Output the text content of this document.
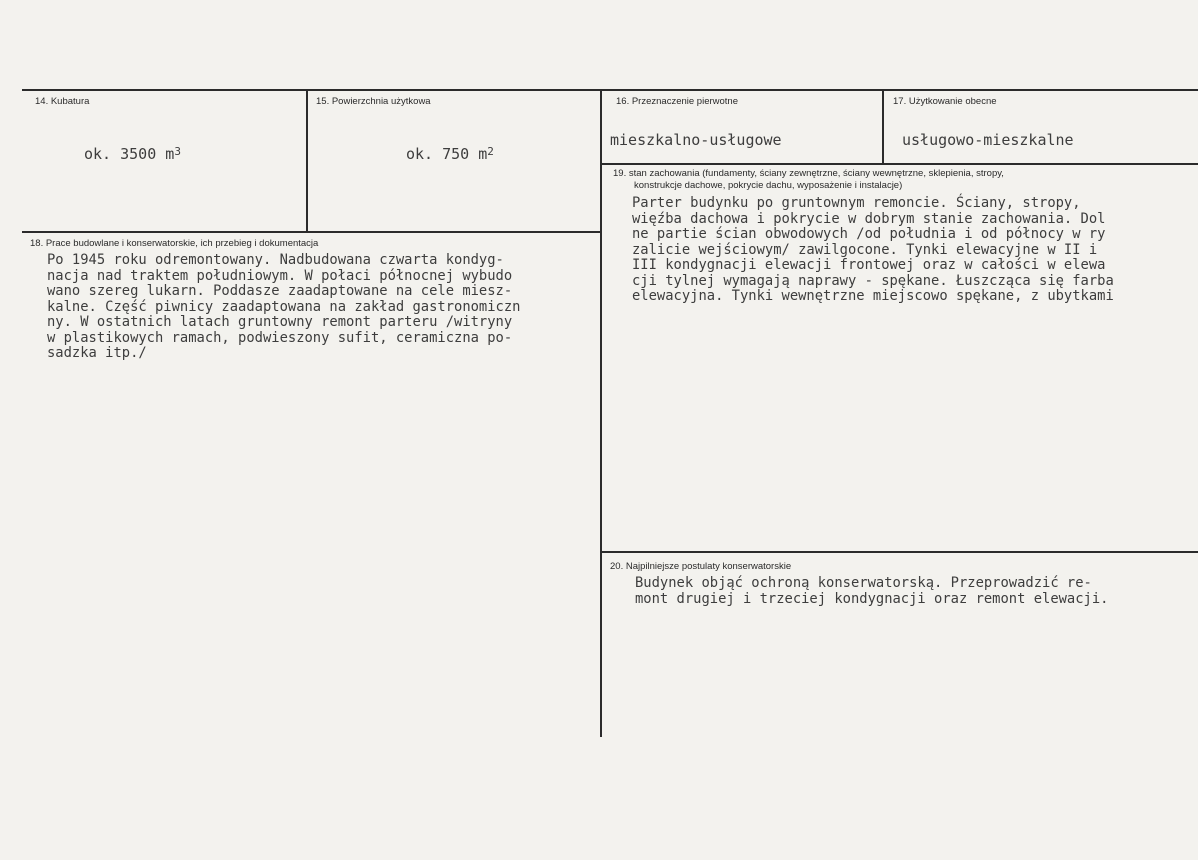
14. Kubatura
ok. 3500 $m^3$
15. Powierzchnia użytkowa
ok. 750 $m^2$
16. Przeznaczenie pierwotne
mieszkalno-usługowe
17. Użytkowanie obecne
usługowo-mieszkalne
19. stan zachowania (fundamenty, ściany zewnętrzne, ściany wewnętrzne, sklepienia, stropy,
konstrukcje dachowe, pokrycie dachu, wyposażenie i instalacje)
Parter budynku po gruntownym remoncie. Ściany, stropy,
więźba dachowa i pokrycie w dobrym stanie zachowania. Dol
ne partie ścian obwodowych /od południa i od północy w ry
zalicie wejściowym/ zawilgocone. Tynki elewacyjne w II i
III kondygnacji elewacji frontowej oraz w całości w elewa
cji tylnej wymagają naprawy - spękane. Łuszcząca się farba
elewacyjna. Tynki wewnętrzne miejscowo spękane, z ubytkami
18. Prace budowlane i konserwatorskie, ich przebieg i dokumentacja
Po 1945 roku odremontowany. Nadbudowana czwarta kondyg-
nacja nad traktem południowym. W połaci północnej wybudo
wano szereg lukarn. Poddasze zaadaptowane na cele miesz-
kalne. Część piwnicy zaadaptowana na zakład gastronomiczn
ny. W ostatnich latach gruntowny remont parteru /witryny
w plastikowych ramach, podwieszony sufit, ceramiczna po-
sadzka itp./
20. Najpilniejsze postulaty konserwatorskie
Budynek objąć ochroną konserwatorską. Przeprowadzić re-
mont drugiej i trzeciej kondygnacji oraz remont elewacji.
